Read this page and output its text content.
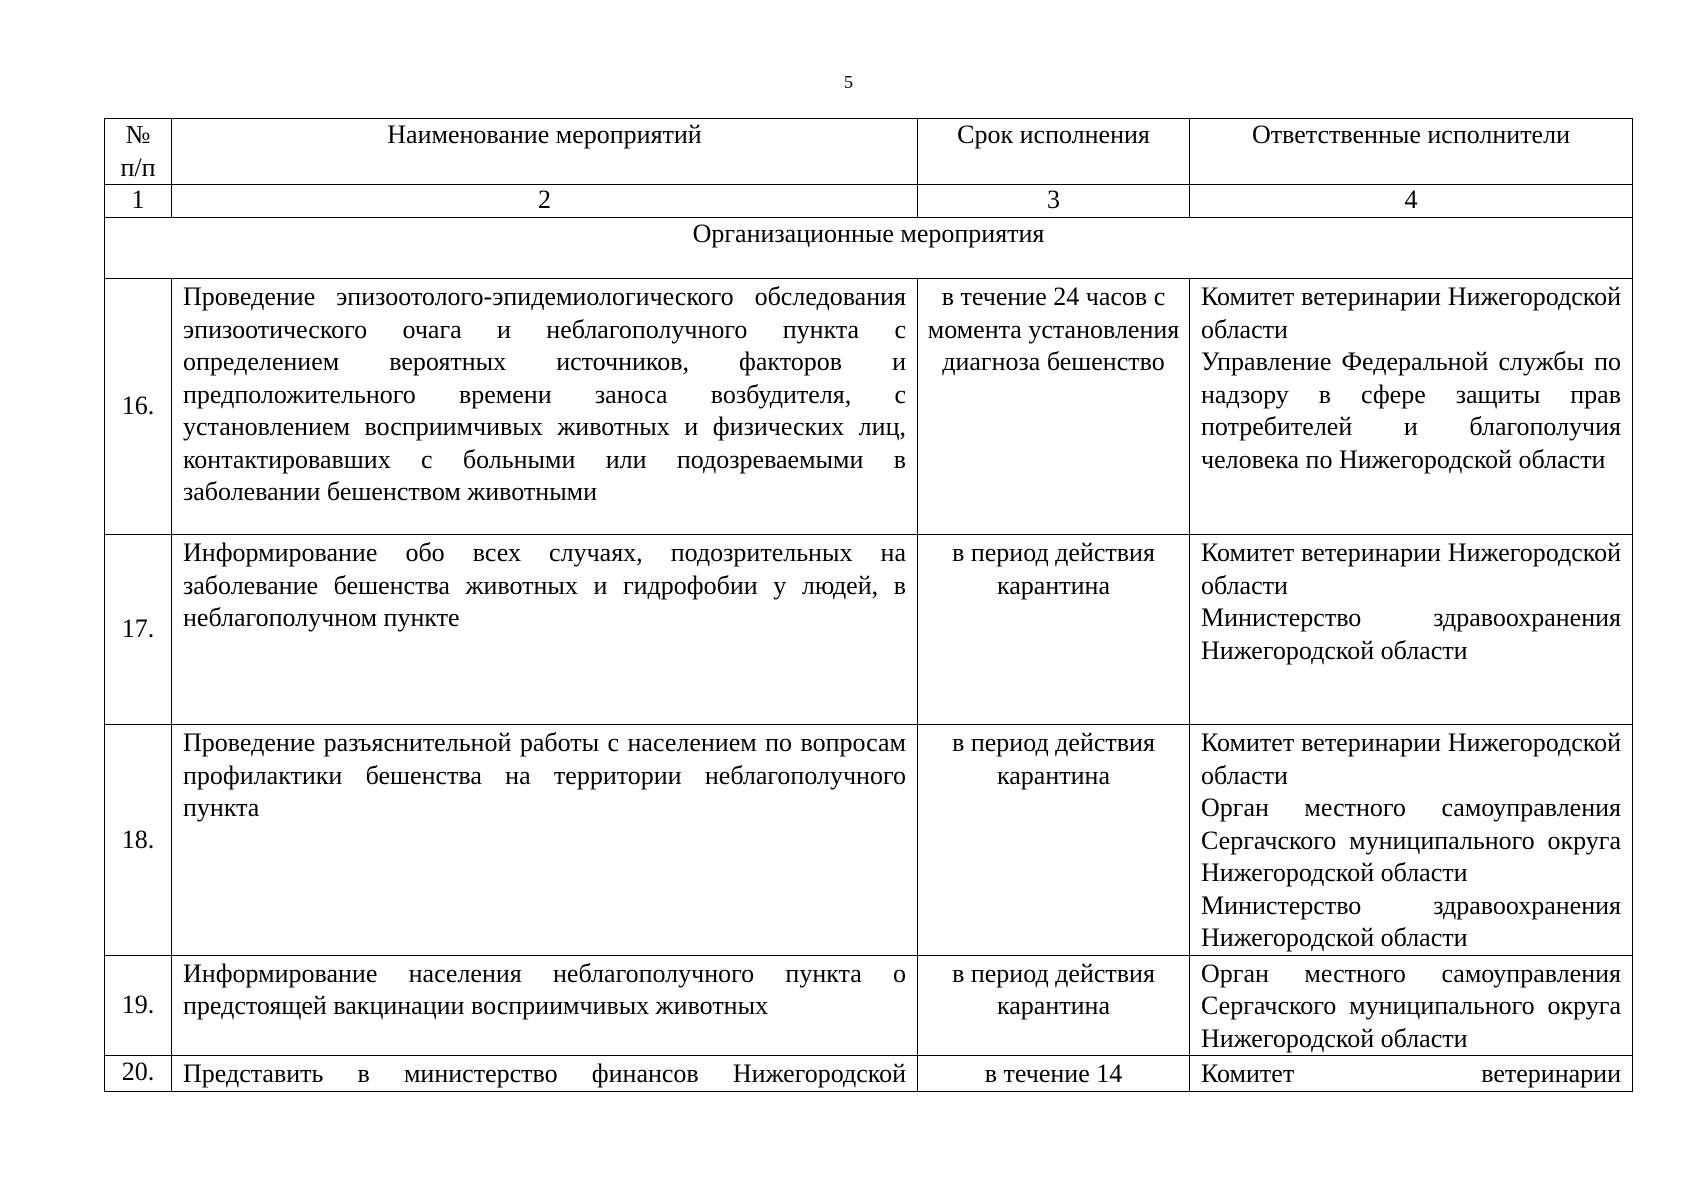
5
№ п/п	Наименование мероприятий	Срок исполнения	Ответственные исполнители
1	2	3	4
Организационные мероприятия			
16.	Проведение эпизоотолого-эпидемиологического обследования эпизоотического очага и неблагополучного пункта с определением вероятных источников, факторов и предположительного времени заноса возбудителя, с установлением восприимчивых животных и физических лиц, контактировавших с больными или подозреваемыми в заболевании бешенством животными	в течение 24 часов с момента установления диагноза бешенство	Комитет ветеринарии Нижегородской области
Управление Федеральной службы по надзору в сфере защиты прав потребителей и благополучия человека по Нижегородской области

17.	Информирование обо всех случаях, подозрительных на заболевание бешенства животных и гидрофобии у людей, в неблагополучном пункте	в период действия карантина	Комитет ветеринарии Нижегородской области
Министерство здравоохранения Нижегородской области

18.	Проведение разъяснительной работы с населением по вопросам профилактики бешенства на территории неблагополучного пункта	в период действия карантина	Комитет ветеринарии Нижегородской области
Орган местного самоуправления Сергачского муниципального округа Нижегородской области
Министерство здравоохранения Нижегородской области

19.	Информирование населения неблагополучного пункта о предстоящей вакцинации восприимчивых животных	в период действия карантина	Орган местного самоуправления Сергачского муниципального округа Нижегородской области

20.	Представить в министерство финансов Нижегородской	в течение 14	Комитет ветеринарии
